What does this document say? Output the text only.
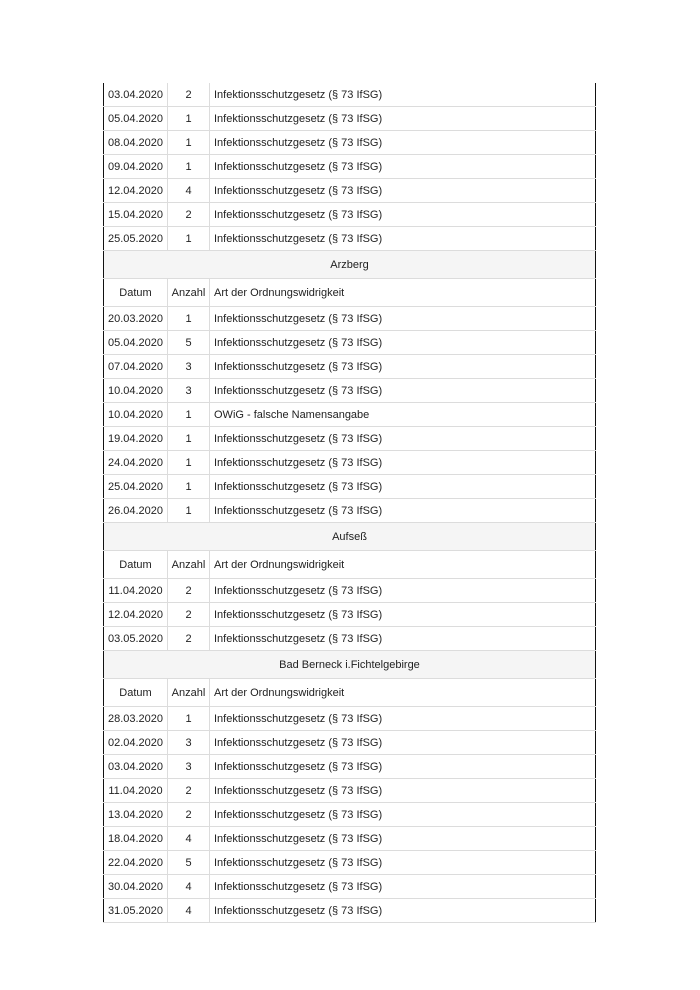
03.04.2020	2	Infektionsschutzgesetz (§ 73 IfSG)
05.04.2020	1	Infektionsschutzgesetz (§ 73 IfSG)
08.04.2020	1	Infektionsschutzgesetz (§ 73 IfSG)
09.04.2020	1	Infektionsschutzgesetz (§ 73 IfSG)
12.04.2020	4	Infektionsschutzgesetz (§ 73 IfSG)
15.04.2020	2	Infektionsschutzgesetz (§ 73 IfSG)
25.05.2020	1	Infektionsschutzgesetz (§ 73 IfSG)
Arzberg		
Datum	Anzahl	Art der Ordnungswidrigkeit
20.03.2020	1	Infektionsschutzgesetz (§ 73 IfSG)
05.04.2020	5	Infektionsschutzgesetz (§ 73 IfSG)
07.04.2020	3	Infektionsschutzgesetz (§ 73 IfSG)
10.04.2020	3	Infektionsschutzgesetz (§ 73 IfSG)
10.04.2020	1	OWiG - falsche Namensangabe
19.04.2020	1	Infektionsschutzgesetz (§ 73 IfSG)
24.04.2020	1	Infektionsschutzgesetz (§ 73 IfSG)
25.04.2020	1	Infektionsschutzgesetz (§ 73 IfSG)
26.04.2020	1	Infektionsschutzgesetz (§ 73 IfSG)
Aufseß		
Datum	Anzahl	Art der Ordnungswidrigkeit
11.04.2020	2	Infektionsschutzgesetz (§ 73 IfSG)
12.04.2020	2	Infektionsschutzgesetz (§ 73 IfSG)
03.05.2020	2	Infektionsschutzgesetz (§ 73 IfSG)
Bad Berneck i.Fichtelgebirge		
Datum	Anzahl	Art der Ordnungswidrigkeit
28.03.2020	1	Infektionsschutzgesetz (§ 73 IfSG)
02.04.2020	3	Infektionsschutzgesetz (§ 73 IfSG)
03.04.2020	3	Infektionsschutzgesetz (§ 73 IfSG)
11.04.2020	2	Infektionsschutzgesetz (§ 73 IfSG)
13.04.2020	2	Infektionsschutzgesetz (§ 73 IfSG)
18.04.2020	4	Infektionsschutzgesetz (§ 73 IfSG)
22.04.2020	5	Infektionsschutzgesetz (§ 73 IfSG)
30.04.2020	4	Infektionsschutzgesetz (§ 73 IfSG)
31.05.2020	4	Infektionsschutzgesetz (§ 73 IfSG)
